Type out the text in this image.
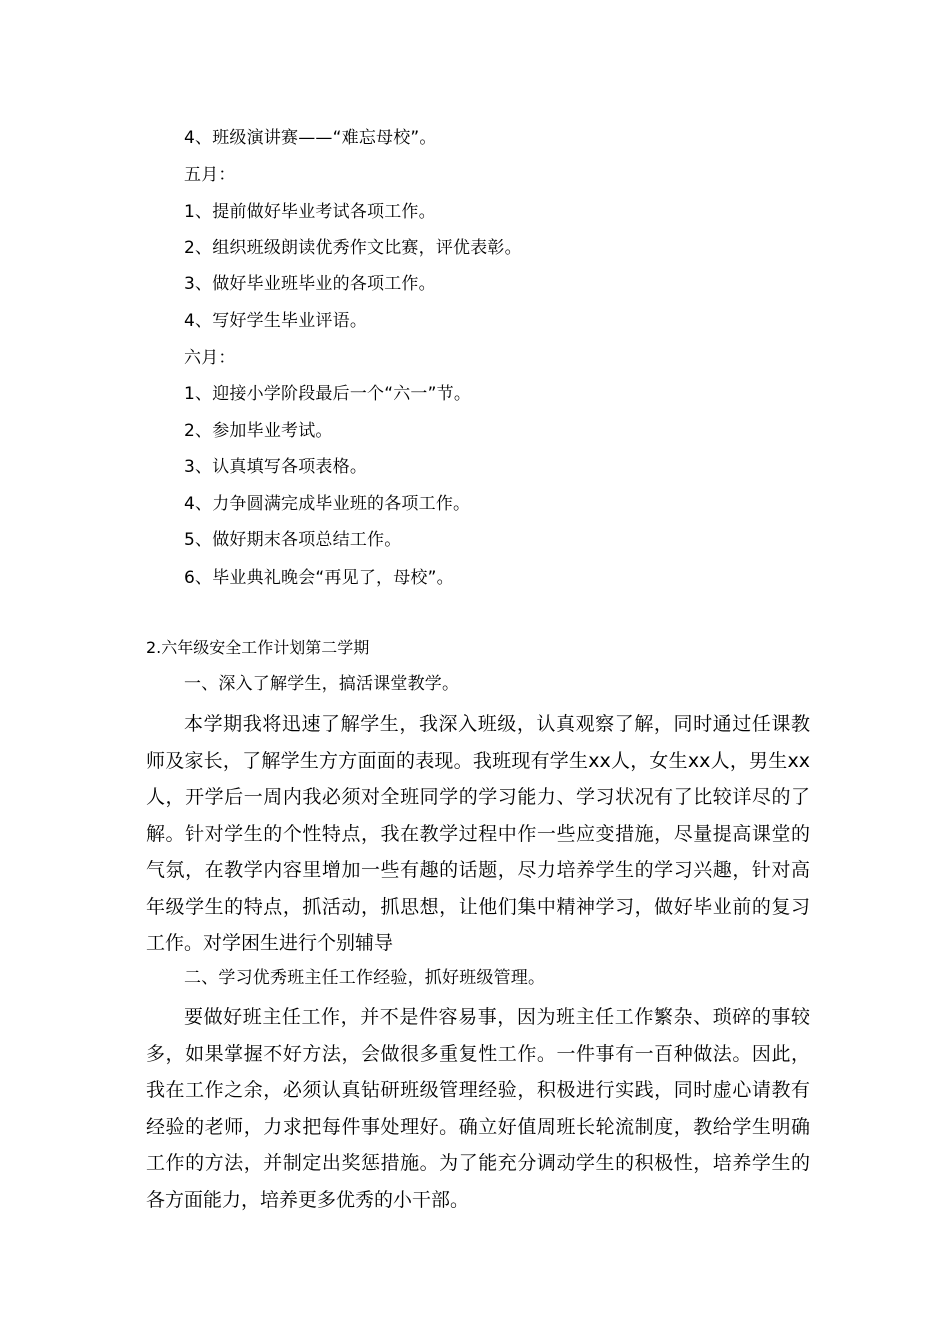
4、班级演讲赛——“难忘母校”。
五月：
1、提前做好毕业考试各项工作。
2、组织班级朗读优秀作文比赛，评优表彰。
3、做好毕业班毕业的各项工作。
4、写好学生毕业评语。
六月：
1、迎接小学阶段最后一个“六一”节。
2、参加毕业考试。
3、认真填写各项表格。
4、力争圆满完成毕业班的各项工作。
5、做好期末各项总结工作。
6、毕业典礼晚会“再见了，母校”。
2.六年级安全工作计划第二学期
一、深入了解学生，搞活课堂教学。

本学期我将迅速了解学生，我深入班级，认真观察了解，同时通过任课教师及家长，了解学生方方面面的表现。我班现有学生xx人，女生xx人，男生xx人，开学后一周内我必须对全班同学的学习能力、学习状况有了比较详尽的了解。针对学生的个性特点，我在教学过程中作一些应变措施，尽量提高课堂的气氛，在教学内容里增加一些有趣的话题，尽力培养学生的学习兴趣，针对高年级学生的特点，抓活动，抓思想，让他们集中精神学习，做好毕业前的复习工作。对学困生进行个别辅导

二、学习优秀班主任工作经验，抓好班级管理。

要做好班主任工作，并不是件容易事，因为班主任工作繁杂、琐碎的事较多，如果掌握不好方法，会做很多重复性工作。一件事有一百种做法。因此，我在工作之余，必须认真钻研班级管理经验，积极进行实践，同时虚心请教有经验的老师，力求把每件事处理好。确立好值周班长轮流制度，教给学生明确工作的方法，并制定出奖惩措施。为了能充分调动学生的积极性，培养学生的各方面能力，培养更多优秀的小干部。
